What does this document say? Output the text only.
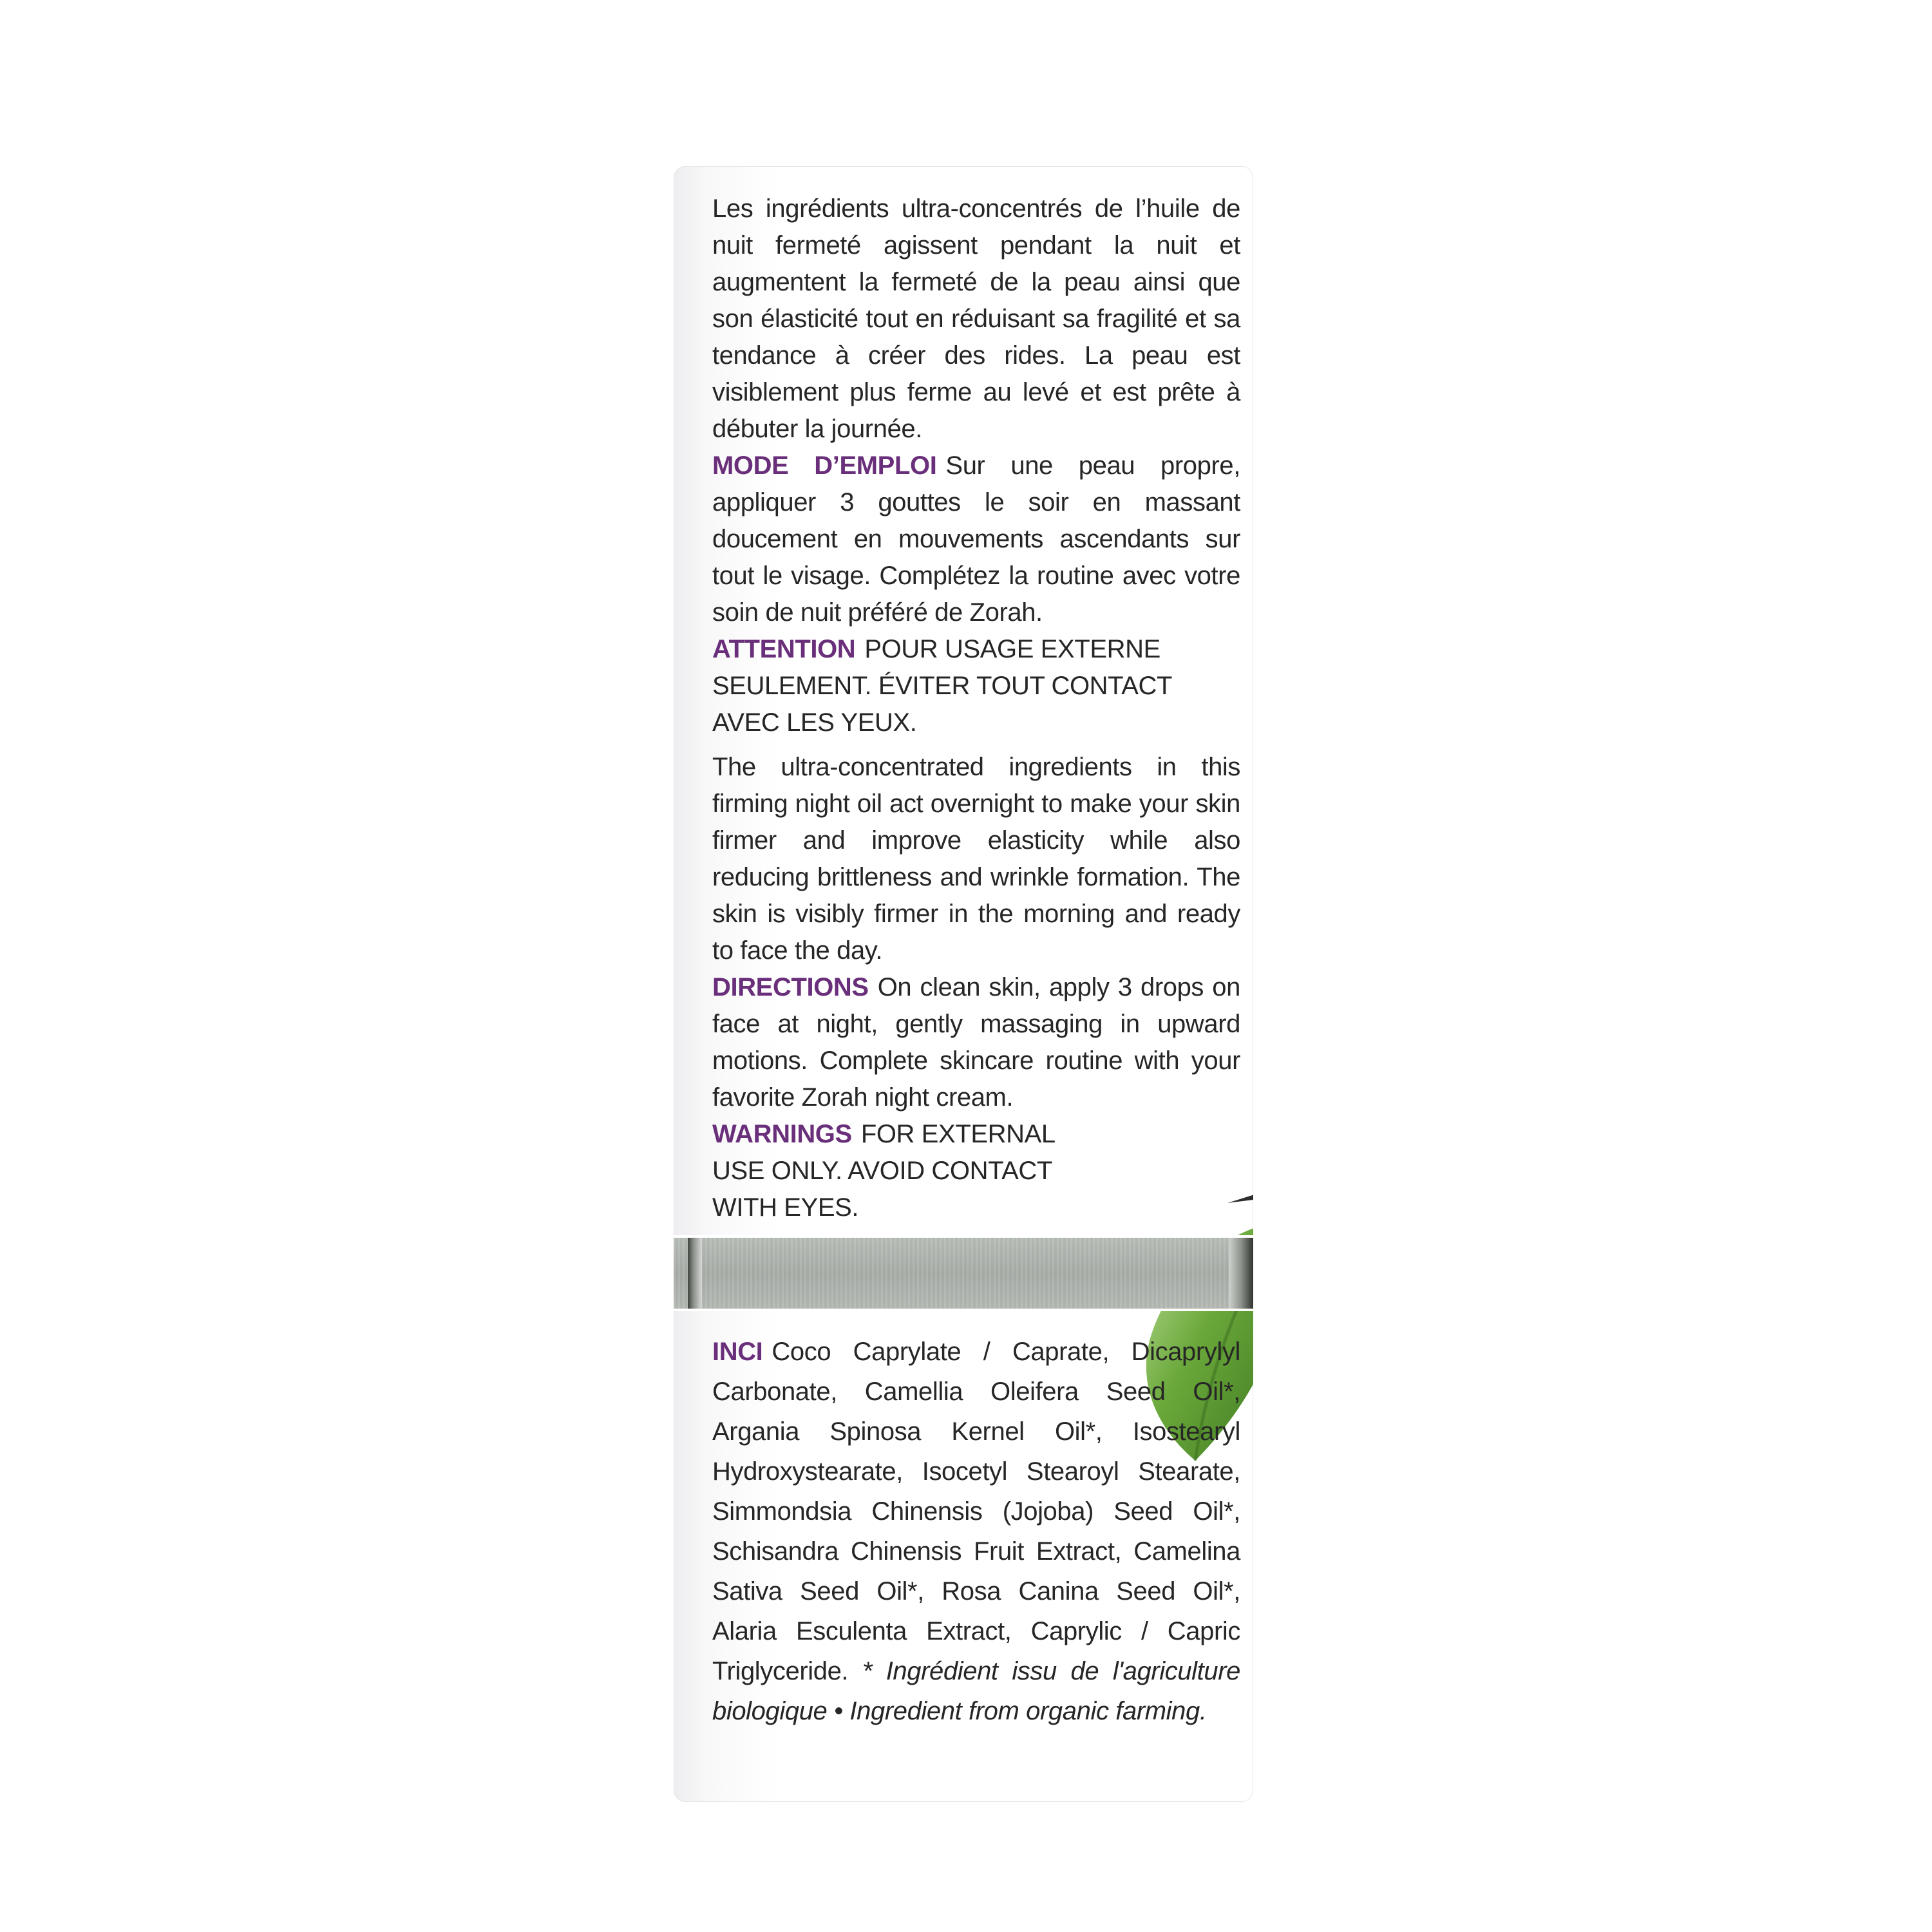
Les ingrédients ultra-concentrés de l’huile de nuit fermeté agissent pendant la nuit et augmentent la fermeté de la peau ainsi que son élasticité tout en réduisant sa fragilité et sa tendance à créer des rides. La peau est visiblement plus ferme au levé et est prête à débuter la journée.

MODE D’EMPLOI Sur une peau propre, appliquer 3 gouttes le soir en massant doucement en mouvements ascendants sur tout le visage. Complétez la routine avec votre soin de nuit préféré de Zorah.

ATTENTION POUR USAGE EXTERNE SEULEMENT. ÉVITER TOUT CONTACT AVEC LES YEUX.

The ultra-concentrated ingredients in this firming night oil act overnight to make your skin firmer and improve elasticity while also reducing brittleness and wrinkle formation. The skin is visibly firmer in the morning and ready to face the day.

DIRECTIONS On clean skin, apply 3 drops on face at night, gently massaging in upward motions. Complete skincare routine with your favorite Zorah night cream.

WARNINGS FOR EXTERNAL USE ONLY. AVOID CONTACT WITH EYES.

INCI Coco Caprylate / Caprate, Dicaprylyl Carbonate, Camellia Oleifera Seed Oil*, Argania Spinosa Kernel Oil*, Isostearyl Hydroxystearate, Isocetyl Stearoyl Stearate, Simmondsia Chinensis (Jojoba) Seed Oil*, Schisandra Chinensis Fruit Extract, Camelina Sativa Seed Oil*, Rosa Canina Seed Oil*, Alaria Esculenta Extract, Caprylic / Capric Triglyceride. * Ingrédient issu de l'agriculture biologique • Ingredient from organic farming.
